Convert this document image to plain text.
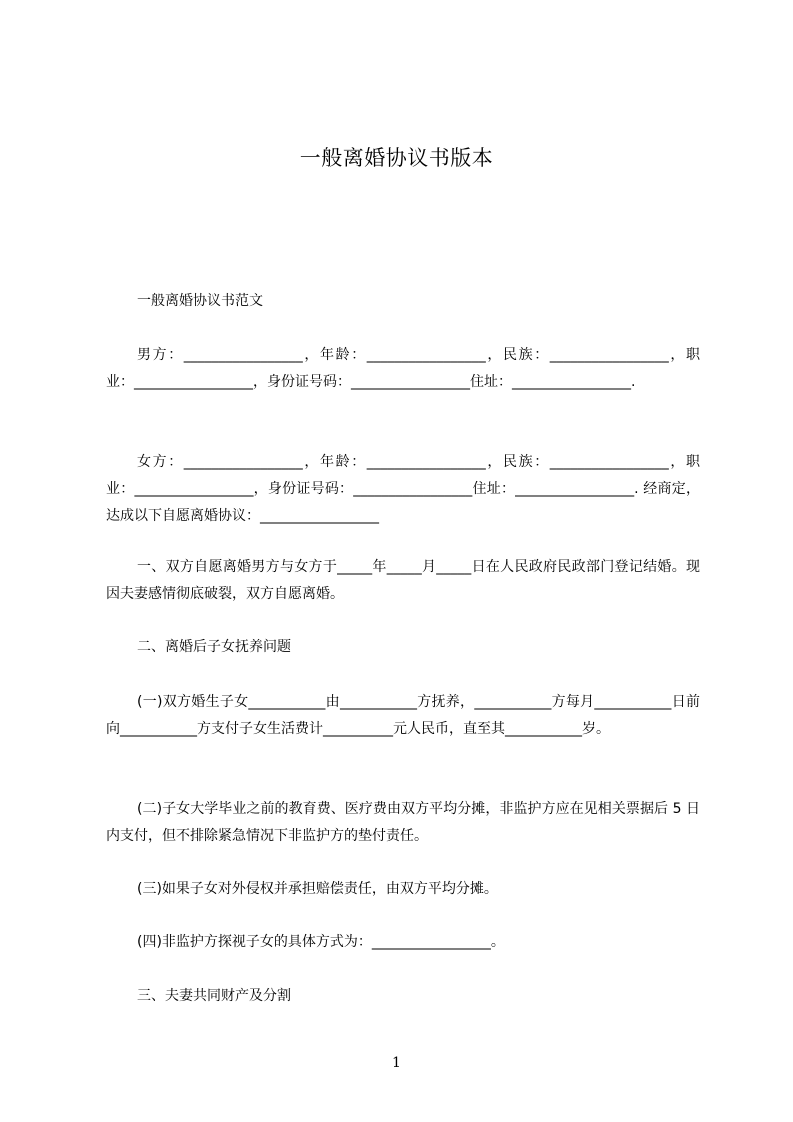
一般离婚协议书版本

一般离婚协议书范文

男方：_________________，年龄：_________________，民族：_________________，职业：_________________，身份证号码：_________________住址：_________________.

女方：_________________，年龄：_________________，民族：_________________，职业：_________________，身份证号码：_________________住址：_________________. 经商定，达成以下自愿离婚协议：_________________

一、双方自愿离婚男方与女方于_____年_____月_____日在人民政府民政部门登记结婚。现因夫妻感情彻底破裂，双方自愿离婚。

二、离婚后子女抚养问题

(一)双方婚生子女___________由___________方抚养，___________方每月___________日前向___________方支付子女生活费计__________元人民币，直至其___________岁。

(二)子女大学毕业之前的教育费、医疗费由双方平均分摊，非监护方应在见相关票据后 5 日内支付，但不排除紧急情况下非监护方的垫付责任。

(三)如果子女对外侵权并承担赔偿责任，由双方平均分摊。

(四)非监护方探视子女的具体方式为：_________________。

三、夫妻共同财产及分割

1
